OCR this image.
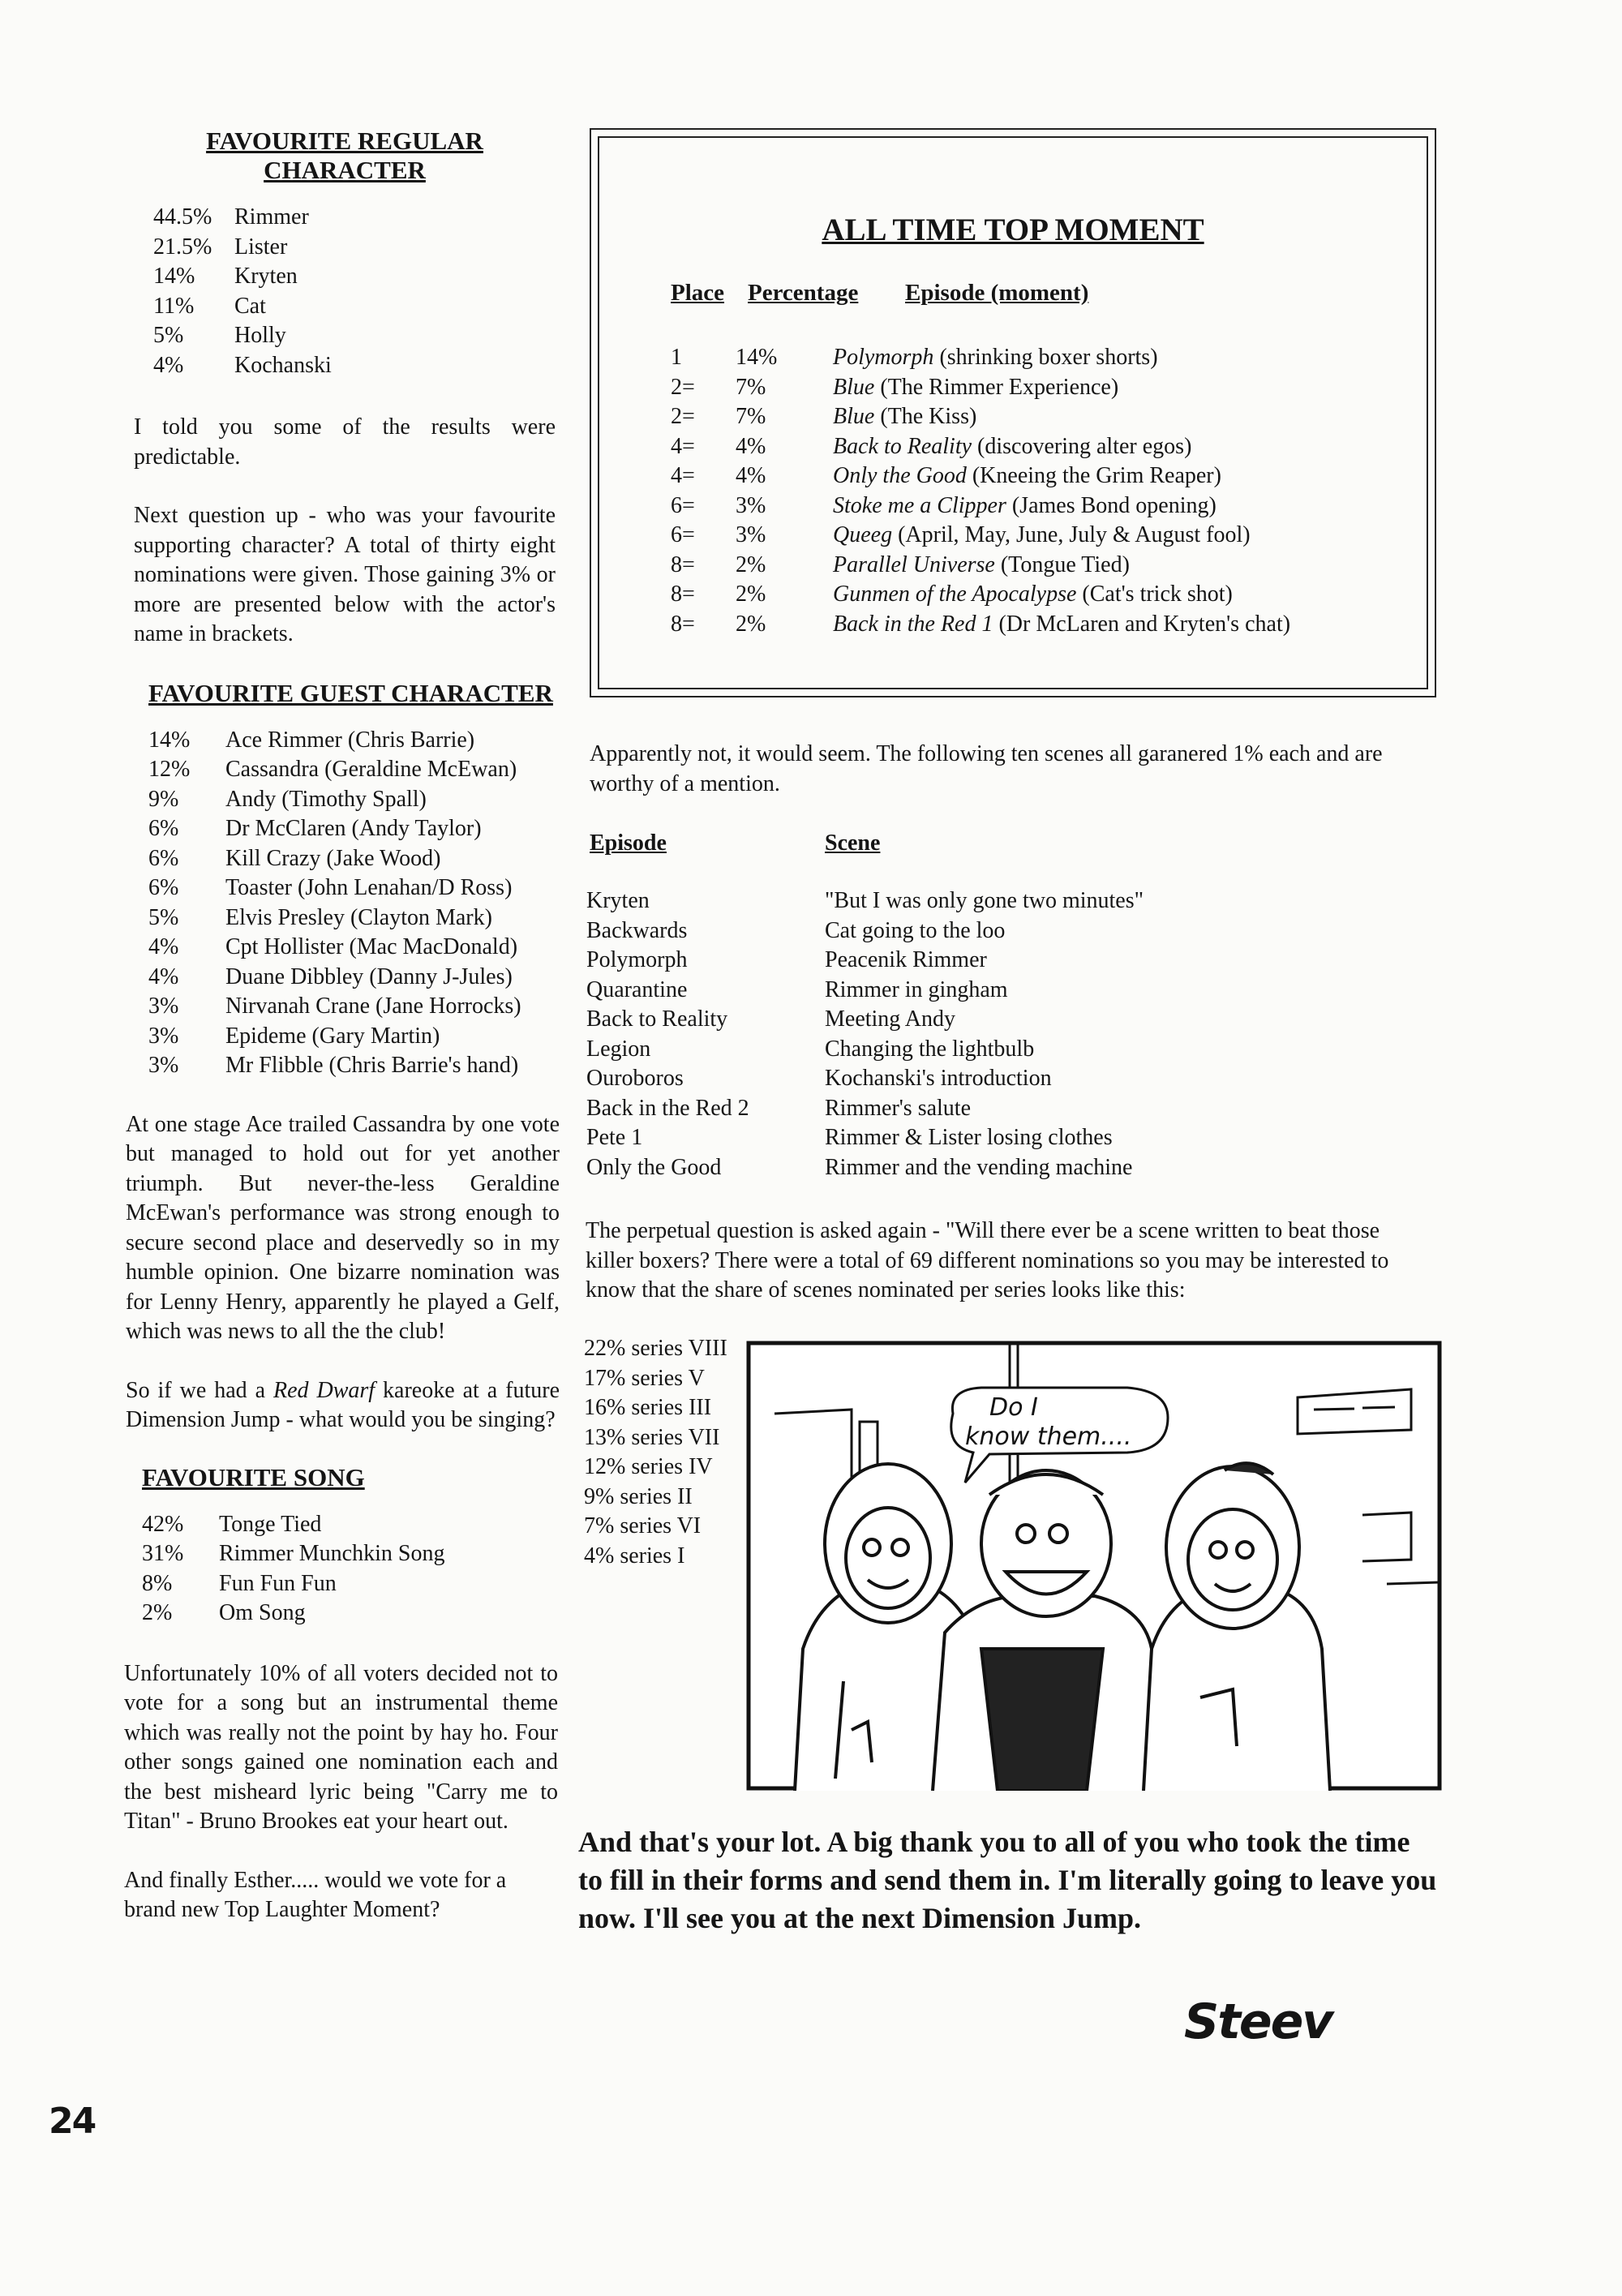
FAVOURITE REGULAR
CHARACTER
44.5% Rimmer
21.5% Lister
14%	Kryten
11%	Cat
5%	Holly
4%	Kochanski

I told you some of the results were predictable.

Next question up - who was your favourite supporting character? A total of thirty eight nominations were given. Those gaining 3% or more are presented below with the actor's name in brackets.

FAVOURITE GUEST CHARACTER
14%	Ace Rimmer (Chris Barrie)
12%	Cassandra (Geraldine McEwan)
9%	Andy (Timothy Spall)
6%	Dr McClaren (Andy Taylor)
6%	Kill Crazy (Jake Wood)
6%	Toaster (John Lenahan/D Ross)
5%	Elvis Presley (Clayton Mark)
4%	Cpt Hollister (Mac MacDonald)
4%	Duane Dibbley (Danny J-Jules)
3%	Nirvanah Crane (Jane Horrocks)
3%	Epideme (Gary Martin)
3%	Mr Flibble (Chris Barrie's hand)

At one stage Ace trailed Cassandra by one vote but managed to hold out for yet another triumph. But never-the-less Geraldine McEwan's performance was strong enough to secure second place and deservedly so in my humble opinion. One bizarre nomination was for Lenny Henry, apparently he played a Gelf, which was news to all the the club!

So if we had a Red Dwarf kareoke at a future Dimension Jump - what would you be singing?

FAVOURITE SONG
42%	Tonge Tied
31%	Rimmer Munchkin Song
8%	Fun Fun Fun
2%	Om Song

Unfortunately 10% of all voters decided not to vote for a song but an instrumental theme which was really not the point by hay ho. Four other songs gained one nomination each and the best misheard lyric being "Carry me to Titan" - Bruno Brookes eat your heart out.

And finally Esther..... would we vote for a brand new Top Laughter Moment?

ALL TIME TOP MOMENT
Place Percentage	Episode (moment)
1	14%	Polymorph (shrinking boxer shorts)
2=	7%	Blue (The Rimmer Experience)
2=	7%	Blue (The Kiss)
4=	4%	Back to Reality (discovering alter egos)
4=	4%	Only the Good (Kneeing the Grim Reaper)
6=	3%	Stoke me a Clipper (James Bond opening)
6=	3%	Queeg (April, May, June, July & August fool)
8=	2%	Parallel Universe (Tongue Tied)
8=	2%	Gunmen of the Apocalypse (Cat's trick shot)
8=	2%	Back in the Red 1 (Dr McLaren and Kryten's chat)
Apparently not, it would seem. The following ten scenes all garanered 1% each and are worthy of a mention.
Episode	Scene
Kryten	"But I was only gone two minutes"
Backwards	Cat going to the loo
Polymorph	Peacenik Rimmer
Quarantine	Rimmer in gingham
Back to Reality	Meeting Andy
Legion	Changing the lightbulb
Ouroboros	Kochanski's introduction
Back in the Red 2	Rimmer's salute
Pete 1	Rimmer & Lister losing clothes
Only the Good	Rimmer and the vending machine
The perpetual question is asked again - "Will there ever be a scene written to beat those killer boxers? There were a total of 69 different nominations so you may be interested to know that the share of scenes nominated per series looks like this:
22% series VIII
17% series V
16% series III
13% series VII
12% series IV
9% series II
7% series VI
4% series I
Do I
know them....
And that's your lot. A big thank you to all of you who took the time to fill in their forms and send them in. I'm literally going to leave you now. I'll see you at the next Dimension Jump.
Steev
24
